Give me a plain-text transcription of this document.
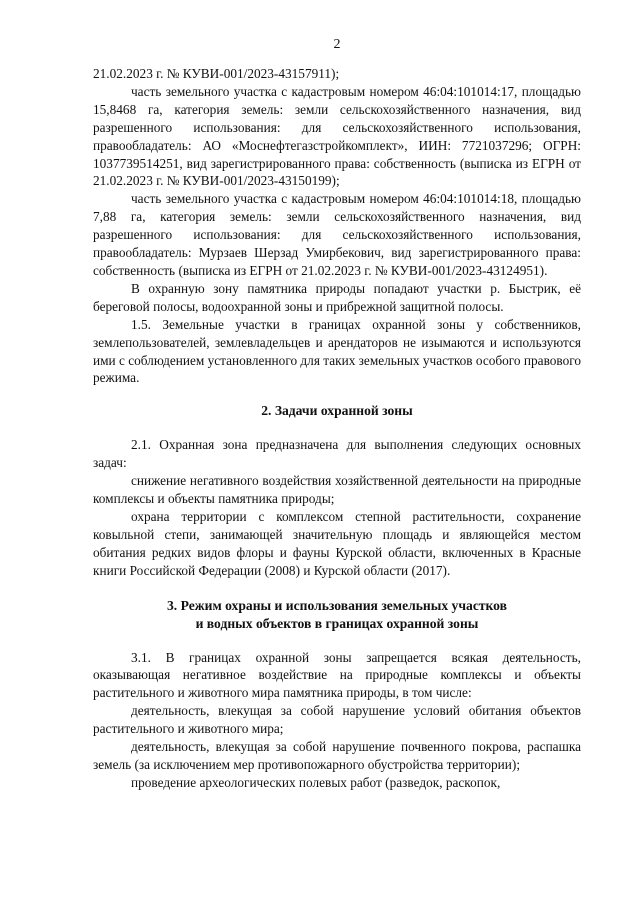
2

21.02.2023 г. № КУВИ-001/2023-43157911);

часть земельного участка с кадастровым номером 46:04:101014:17, площадью 15,8468 га, категория земель: земли сельскохозяйственного назначения, вид разрешенного использования: для сельскохозяйственного использования, правообладатель: АО «Моснефтегазстройкомплект», ИИН: 7721037296; ОГРН: 1037739514251, вид зарегистрированного права: собственность (выписка из ЕГРН от 21.02.2023 г. № КУВИ-001/2023-43150199);

часть земельного участка с кадастровым номером 46:04:101014:18, площадью 7,88 га, категория земель: земли сельскохозяйственного назначения, вид разрешенного использования: для сельскохозяйственного использования, правообладатель: Мурзаев Шерзад Умирбекович, вид зарегистрированного права: собственность (выписка из ЕГРН от 21.02.2023 г. № КУВИ-001/2023-43124951).

В охранную зону памятника природы попадают участки р. Быстрик, её береговой полосы, водоохранной зоны и прибрежной защитной полосы.

1.5. Земельные участки в границах охранной зоны у собственников, землепользователей, землевладельцев и арендаторов не изымаются и используются ими с соблюдением установленного для таких земельных участков особого правового режима.

2. Задачи охранной зоны

2.1. Охранная зона предназначена для выполнения следующих основных задач:

снижение негативного воздействия хозяйственной деятельности на природные комплексы и объекты памятника природы;

охрана территории с комплексом степной растительности, сохранение ковыльной степи, занимающей значительную площадь и являющейся местом обитания редких видов флоры и фауны Курской области, включенных в Красные книги Российской Федерации (2008) и Курской области (2017).

3. Режим охраны и использования земельных участков
и водных объектов в границах охранной зоны

3.1. В границах охранной зоны запрещается всякая деятельность, оказывающая негативное воздействие на природные комплексы и объекты растительного и животного мира памятника природы, в том числе:

деятельность, влекущая за собой нарушение условий обитания объектов растительного и животного мира;

деятельность, влекущая за собой нарушение почвенного покрова, распашка земель (за исключением мер противопожарного обустройства территории);

проведение археологических полевых работ (разведок, раскопок,
